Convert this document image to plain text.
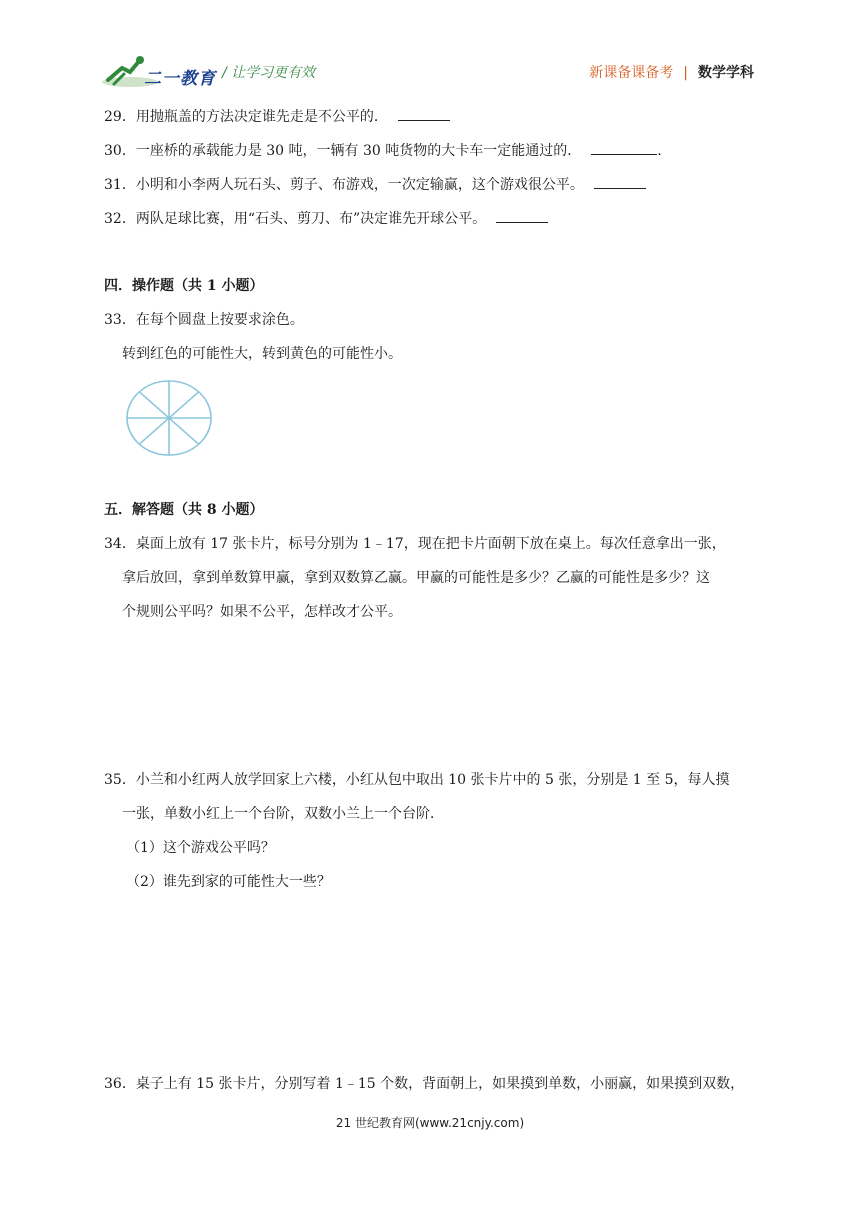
二一教育 / 让学习更有效	新课备课备考 | 数学学科
29．用抛瓶盖的方法决定谁先走是不公平的．
30．一座桥的承载能力是 30 吨，一辆有 30 吨货物的大卡车一定能通过的．	.
31．小明和小李两人玩石头、剪子、布游戏，一次定输赢，这个游戏很公平。
32．两队足球比赛，用“石头、剪刀、布”决定谁先开球公平。
四．操作题（共 1 小题）
33．在每个圆盘上按要求涂色。
转到红色的可能性大，转到黄色的可能性小。
五．解答题（共 8 小题）
34．桌面上放有 17 张卡片，标号分别为 1﹣17，现在把卡片面朝下放在桌上。每次任意拿出一张，
拿后放回，拿到单数算甲赢，拿到双数算乙赢。甲赢的可能性是多少？乙赢的可能性是多少？这
个规则公平吗？如果不公平，怎样改才公平。
35．小兰和小红两人放学回家上六楼，小红从包中取出 10 张卡片中的 5 张，分别是 1 至 5，每人摸
一张，单数小红上一个台阶，双数小兰上一个台阶．
（1）这个游戏公平吗？
（2）谁先到家的可能性大一些？
36．桌子上有 15 张卡片，分别写着 1﹣15 个数，背面朝上，如果摸到单数，小丽赢，如果摸到双数，
21 世纪教育网(www.21cnjy.com)
